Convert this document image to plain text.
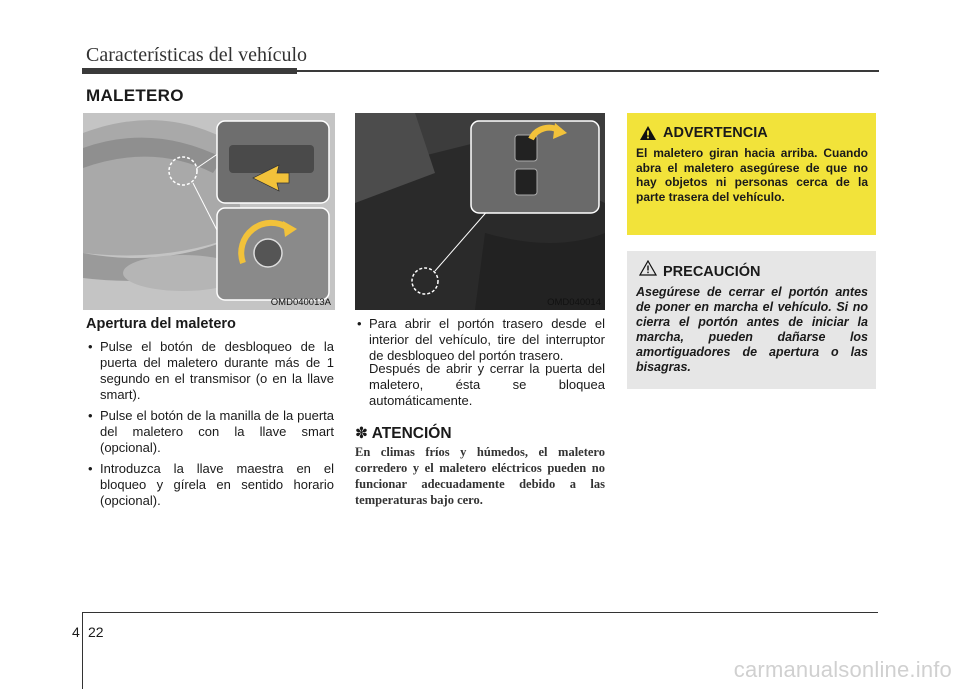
Características del vehículo
MALETERO
OMD040013A	OMD040014
Apertura del maletero
• Pulse el botón de desbloqueo de la puerta del maletero durante más de 1 segundo en el transmisor (o en la llave smart).
• Pulse el botón de la manilla de la puerta del maletero con la llave smart (opcional).
• Introduzca la llave maestra en el bloqueo y gírela en sentido horario (opcional).
• Para abrir el portón trasero desde el interior del vehículo, tire del interruptor de desbloqueo del portón trasero.
Después de abrir y cerrar la puerta del maletero, ésta se bloquea automáticamente.
✽ ATENCIÓN
En climas fríos y húmedos, el maletero corredero y el maletero eléctricos pueden no funcionar adecuadamente debido a las temperaturas bajo cero.
ADVERTENCIA
El maletero giran hacia arriba. Cuando abra el maletero asegúrese de que no hay objetos ni personas cerca de la parte trasera del vehículo.
PRECAUCIÓN
Asegúrese de cerrar el portón antes de poner en marcha el vehículo. Si no cierra el portón antes de iniciar la marcha, pueden dañarse los amortiguadores de apertura o las bisagras.
4 22
carmanualsonline.info
